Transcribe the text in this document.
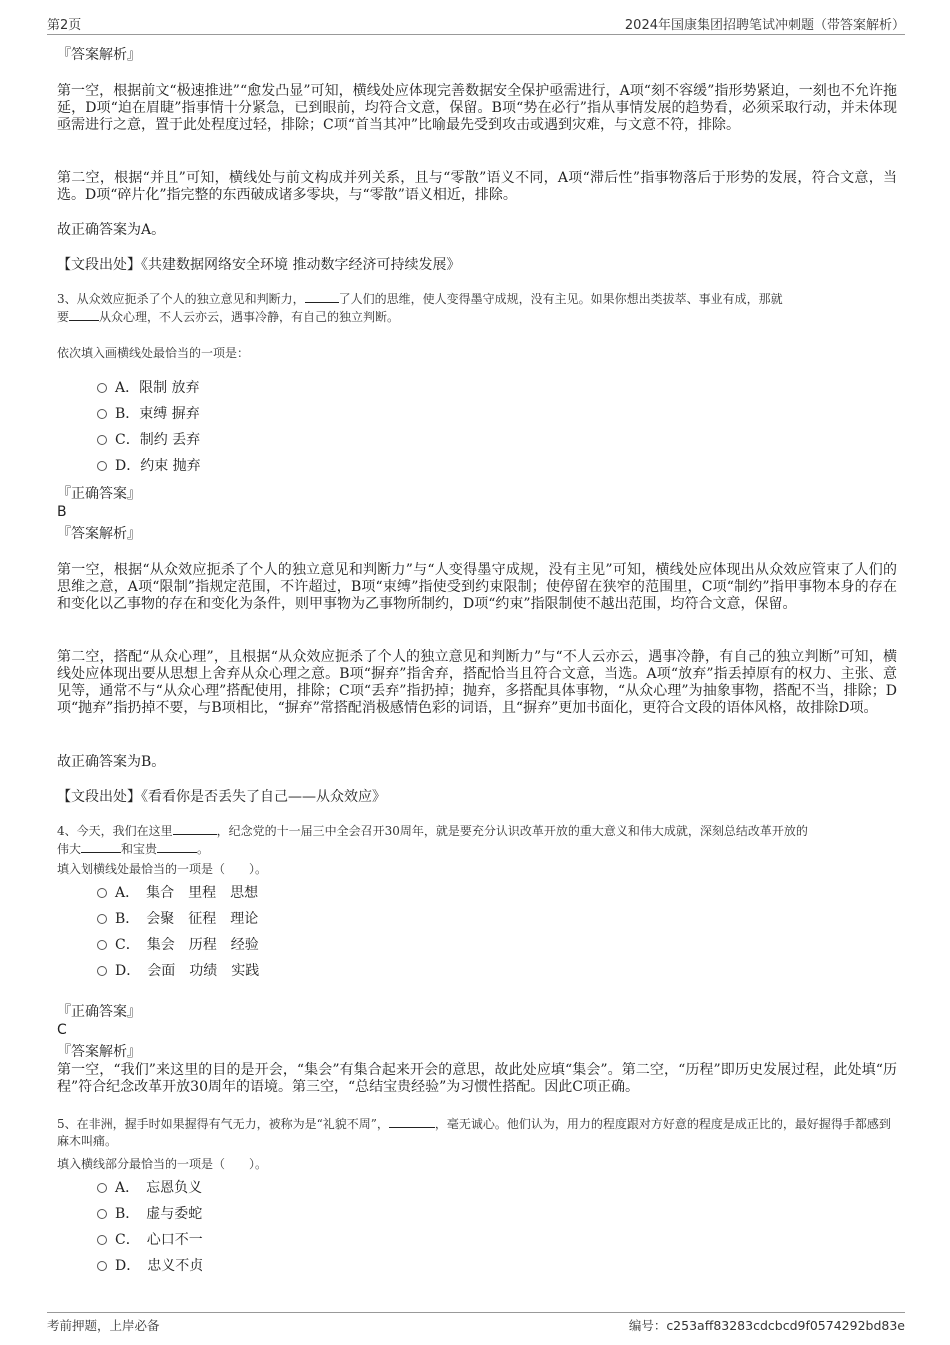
第2页	2024年国康集团招聘笔试冲刺题（带答案解析）
『答案解析』
第一空，根据前文“极速推进”“愈发凸显”可知，横线处应体现完善数据安全保护亟需进行，A项“刻不容缓”指形势紧迫，一刻也不允许拖延，D项“迫在眉睫”指事情十分紧急，已到眼前，均符合文意，保留。B项“势在必行”指从事情发展的趋势看，必须采取行动，并未体现亟需进行之意，置于此处程度过轻，排除；C项“首当其冲”比喻最先受到攻击或遇到灾难，与文意不符，排除。
第二空，根据“并且”可知，横线处与前文构成并列关系，且与“零散”语义不同，A项“滞后性”指事物落后于形势的发展，符合文意，当选。D项“碎片化”指完整的东西破成诸多零块，与“零散”语义相近，排除。
故正确答案为A。
【文段出处】《共建数据网络安全环境 推动数字经济可持续发展》
3、从众效应扼杀了个人的独立意见和判断力，	了人们的思维，使人变得墨守成规，没有主见。如果你想出类拔萃、事业有成，那就
要	从众心理，不人云亦云，遇事冷静，有自己的独立判断。
依次填入画横线处最恰当的一项是：
A．限制 放弃
B．束缚 摒弃
C．制约 丢弃
D．约束 抛弃
『正确答案』
B
『答案解析』
第一空，根据“从众效应扼杀了个人的独立意见和判断力”与“人变得墨守成规，没有主见”可知，横线处应体现出从众效应管束了人们的思维之意，A项“限制”指规定范围，不许超过，B项“束缚”指使受到约束限制；使停留在狭窄的范围里，C项“制约”指甲事物本身的存在和变化以乙事物的存在和变化为条件，则甲事物为乙事物所制约，D项“约束”指限制使不越出范围，均符合文意，保留。
第二空，搭配“从众心理”，且根据“从众效应扼杀了个人的独立意见和判断力”与“不人云亦云，遇事冷静，有自己的独立判断”可知，横线处应体现出要从思想上舍弃从众心理之意。B项“摒弃”指舍弃，搭配恰当且符合文意，当选。A项“放弃”指丢掉原有的权力、主张、意见等，通常不与“从众心理”搭配使用，排除；C项“丢弃”指扔掉；抛弃，多搭配具体事物，“从众心理”为抽象事物，搭配不当，排除；D项“抛弃”指扔掉不要，与B项相比，“摒弃”常搭配消极感情色彩的词语，且“摒弃”更加书面化，更符合文段的语体风格，故排除D项。
故正确答案为B。
【文段出处】《看看你是否丢失了自己——从众效应》
4、今天，我们在这里	，纪念党的十一届三中全会召开30周年，就是要充分认识改革开放的重大意义和伟大成就，深刻总结改革开放的
伟大	和宝贵	。
填入划横线处最恰当的一项是（　　）。
A．　集合　里程　思想
B．　会聚　征程　理论
C．　集会　历程　经验
D．　会面　功绩　实践
『正确答案』
C
『答案解析』
第一空，“我们”来这里的目的是开会，“集会”有集合起来开会的意思，故此处应填“集会”。第二空，“历程”即历史发展过程，此处填“历程”符合纪念改革开放30周年的语境。第三空，“总结宝贵经验”为习惯性搭配。因此C项正确。
5、在非洲，握手时如果握得有气无力，被称为是“礼貌不周”，	，毫无诚心。他们认为，用力的程度跟对方好意的程度是成正比的，最好握得手都感到麻木叫痛。
填入横线部分最恰当的一项是（　　）。
A．　忘恩负义
B．　虚与委蛇
C．　心口不一
D．　忠义不贞
考前押题，上岸必备	编号：c253aff83283cdcbcd9f0574292bd83e
